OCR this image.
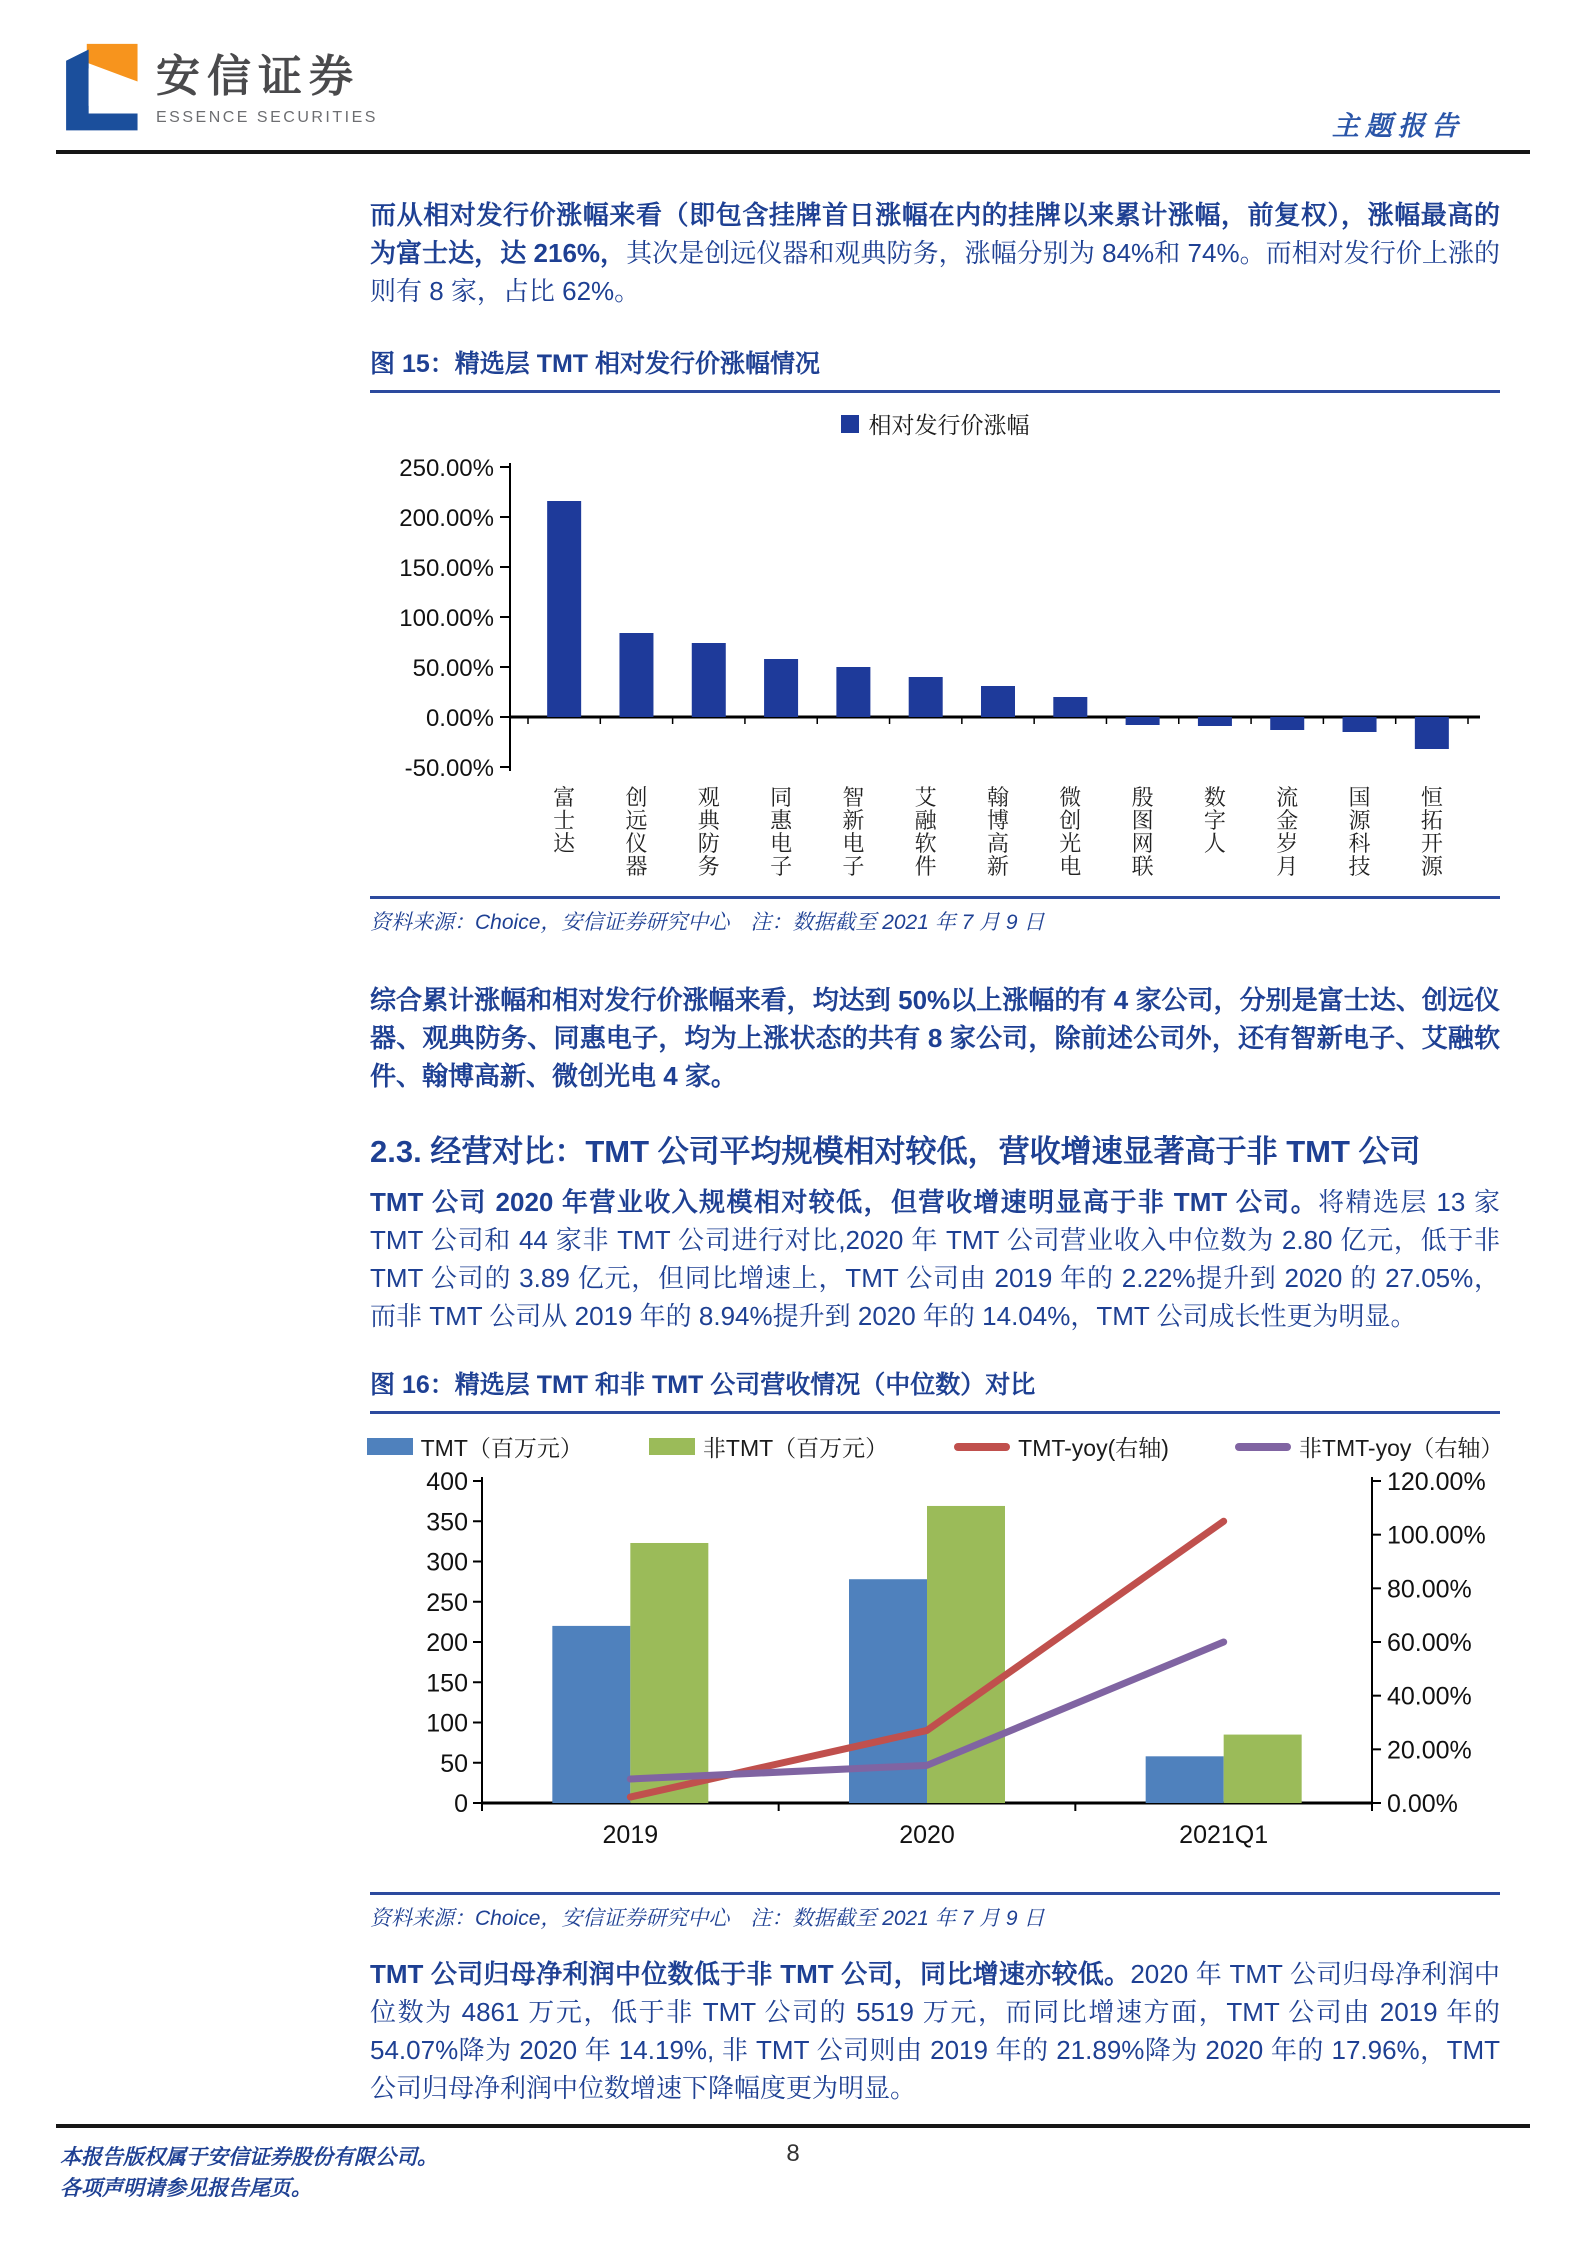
安信证券
ESSENCE SECURITIES	主题报告

而从相对发行价涨幅来看（即包含挂牌首日涨幅在内的挂牌以来累计涨幅，前复权），涨幅最高的为富士达，达 216%，其次是创远仪器和观典防务，涨幅分别为 84%和 74%。而相对发行价上涨的则有 8 家，占比 62%。

图 15：精选层 TMT 相对发行价涨幅情况
相对发行价涨幅
250.00%
200.00%
150.00%
100.00%
50.00%
0.00%
-50.00%
富士达
创远仪器
观典防务
同惠电子
智新电子
艾融软件
翰博高新
微创光电
殷图网联
数字人
流金岁月
国源科技
恒拓开源
资料来源：Choice，安信证券研究中心　注：数据截至 2021 年 7 月 9 日

综合累计涨幅和相对发行价涨幅来看，均达到 50%以上涨幅的有 4 家公司，分别是富士达、创远仪器、观典防务、同惠电子，均为上涨状态的共有 8 家公司，除前述公司外，还有智新电子、艾融软件、翰博高新、微创光电 4 家。

2.3. 经营对比：TMT 公司平均规模相对较低，营收增速显著高于非 TMT 公司

TMT 公司 2020 年营业收入规模相对较低，但营收增速明显高于非 TMT 公司。将精选层 13 家 TMT 公司和 44 家非 TMT 公司进行对比,2020 年 TMT 公司营业收入中位数为 2.80 亿元，低于非 TMT 公司的 3.89 亿元，但同比增速上，TMT 公司由 2019 年的 2.22%提升到 2020 的 27.05%，而非 TMT 公司从 2019 年的 8.94%提升到 2020 年的 14.04%，TMT 公司成长性更为明显。

图 16：精选层 TMT 和非 TMT 公司营收情况（中位数）对比
TMT（百万元）	非TMT（百万元）	TMT-yoy(右轴)	非TMT-yoy（右轴）
400
350
300
250
200
150
100
50
0
120.00%
100.00%
80.00%
60.00%
40.00%
20.00%
0.00%
2019	2020	2021Q1
资料来源：Choice，安信证券研究中心　注：数据截至 2021 年 7 月 9 日

TMT 公司归母净利润中位数低于非 TMT 公司，同比增速亦较低。2020 年 TMT 公司归母净利润中位数为 4861 万元，低于非 TMT 公司的 5519 万元，而同比增速方面，TMT 公司由 2019 年的 54.07%降为 2020 年 14.19%, 非 TMT 公司则由 2019 年的 21.89%降为 2020 年的 17.96%，TMT 公司归母净利润中位数增速下降幅度更为明显。

本报告版权属于安信证券股份有限公司。
各项声明请参见报告尾页。
8
